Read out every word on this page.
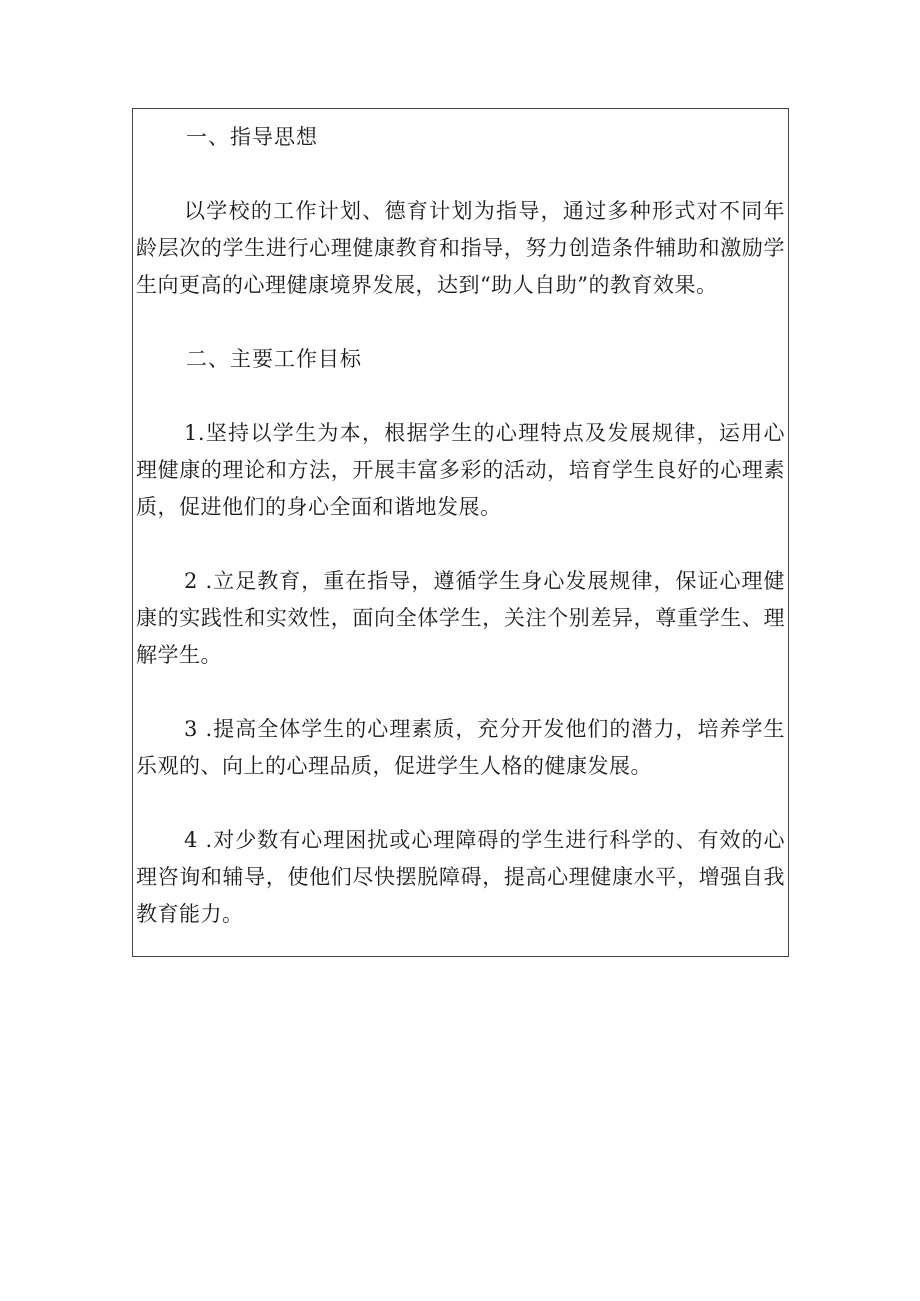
一、指导思想

以学校的工作计划、德育计划为指导，通过多种形式对不同年龄层次的学生进行心理健康教育和指导，努力创造条件辅助和激励学生向更高的心理健康境界发展，达到“助人自助”的教育效果。

二、主要工作目标

1.坚持以学生为本，根据学生的心理特点及发展规律，运用心理健康的理论和方法，开展丰富多彩的活动，培育学生良好的心理素质，促进他们的身心全面和谐地发展。

2 .立足教育，重在指导，遵循学生身心发展规律，保证心理健康的实践性和实效性，面向全体学生，关注个别差异，尊重学生、理解学生。

3 .提高全体学生的心理素质，充分开发他们的潜力，培养学生乐观的、向上的心理品质，促进学生人格的健康发展。

4 .对少数有心理困扰或心理障碍的学生进行科学的、有效的心理咨询和辅导，使他们尽快摆脱障碍，提高心理健康水平，增强自我教育能力。
